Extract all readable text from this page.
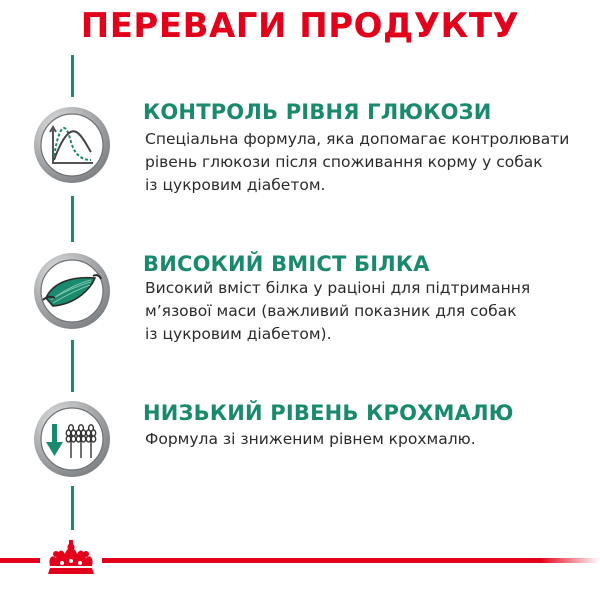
ПЕРЕВАГИ ПРОДУКТУ
КОНТРОЛЬ РІВНЯ ГЛЮКОЗИ
Спеціальна формула, яка допомагає контролювати
рівень глюкози після споживання корму у собак
із цукровим діабетом.
ВИСОКИЙ ВМІСТ БІЛКА
Високий вміст білка у раціоні для підтримання
м’язової маси (важливий показник для собак
із цукровим діабетом).
НИЗЬКИЙ РІВЕНЬ КРОХМАЛЮ
Формула зі зниженим рівнем крохмалю.
